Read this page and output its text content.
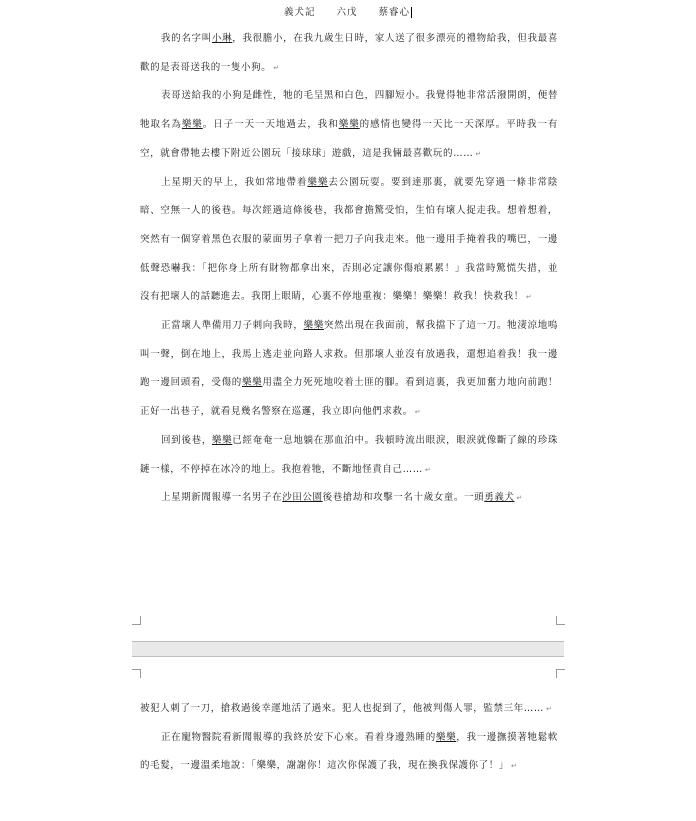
義犬記　　六戊　　蔡睿心

我的名字叫小琳，我很膽小，在我九歲生日時，家人送了很多漂亮的禮物給我，但我最喜歡的是表哥送我的一隻小狗。 ↵

表哥送給我的小狗是雌性，牠的毛呈黑和白色，四腳短小。我覺得牠非常活潑開朗，便替牠取名為樂樂。日子一天一天地過去，我和樂樂的感情也變得一天比一天深厚。平時我一有空，就會帶牠去樓下附近公園玩「接球球」遊戲，這是我倆最喜歡玩的…… ↵

上星期天的早上，我如常地帶着樂樂去公園玩耍。要到達那裏，就要先穿過一條非常陰暗、空無一人的後巷。每次經過這條後巷，我都會擔驚受怕，生怕有壞人捉走我。想着想着，突然有一個穿着黑色衣服的蒙面男子拿着一把刀子向我走來。他一邊用手掩着我的嘴巴，一邊低聲恐嚇我：「把你身上所有財物都拿出來，否則必定讓你傷痕累累！」我當時驚慌失措，並沒有把壞人的話聽進去。我閉上眼睛，心裏不停地重複：樂樂！樂樂！救我！快救我！ ↵

正當壞人準備用刀子刺向我時，樂樂突然出現在我面前，幫我擋下了這一刀。牠淒涼地嗚叫一聲，倒在地上，我馬上逃走並向路人求救。但那壞人並沒有放過我，還想追着我！我一邊跑一邊回頭看，受傷的樂樂用盡全力死死地咬着土匪的腳。看到這裏，我更加奮力地向前跑！正好一出巷子，就看見幾名警察在巡邏，我立即向他們求救。 ↵

回到後巷，樂樂已經奄奄一息地躺在那血泊中。我頓時流出眼淚，眼淚就像斷了線的珍珠鏈一樣，不停掉在冰冷的地上。我抱着牠，不斷地怪責自己…… ↵

上星期新聞報導一名男子在沙田公園後巷搶劫和攻擊一名十歲女童。一頭勇義犬 ↵

被犯人刺了一刀，搶救過後幸運地活了過來。犯人也捉到了，他被判傷人罪，監禁三年…… ↵

正在寵物醫院看新聞報導的我終於安下心來。看着身邊熟睡的樂樂，我一邊撫摸著牠鬆軟的毛髮，一邊溫柔地說：「樂樂，謝謝你！這次你保護了我，現在換我保護你了！」 ↵
